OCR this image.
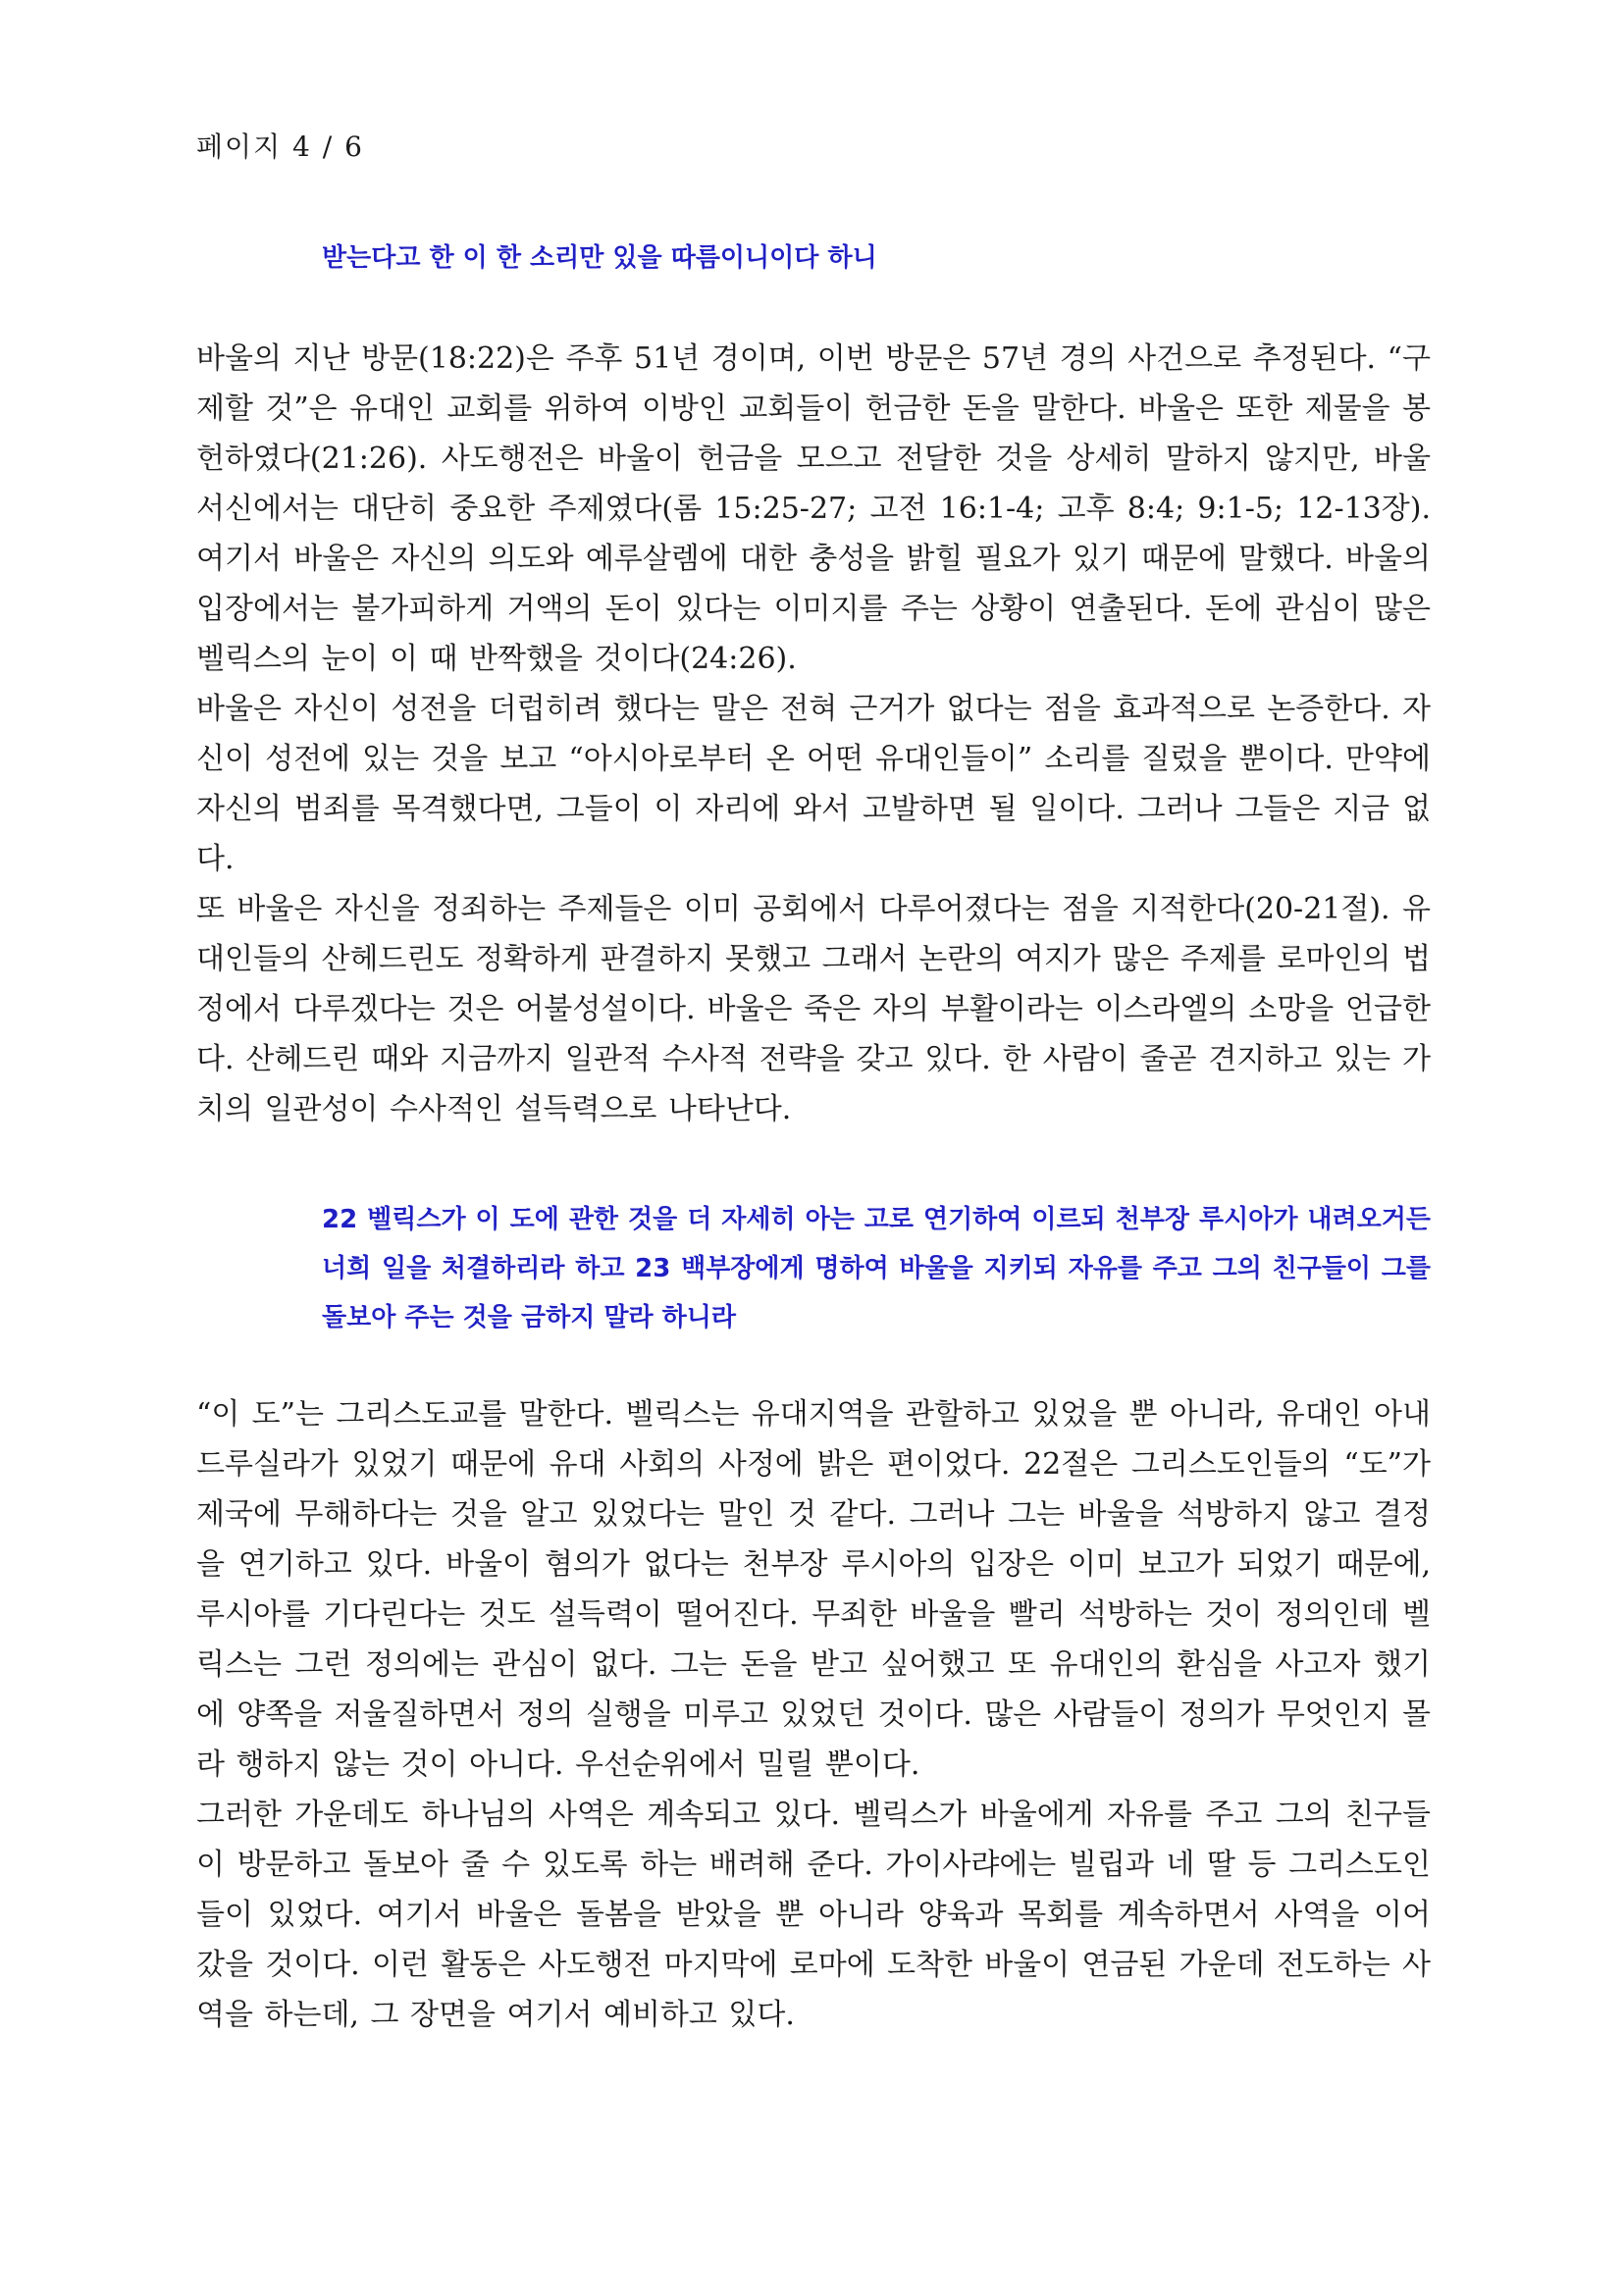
페이지 4 / 6

받는다고 한 이 한 소리만 있을 따름이니이다 하니

바울의 지난 방문(18:22)은 주후 51년 경이며, 이번 방문은 57년 경의 사건으로 추정된다. “구제할 것”은 유대인 교회를 위하여 이방인 교회들이 헌금한 돈을 말한다. 바울은 또한 제물을 봉헌하였다(21:26). 사도행전은 바울이 헌금을 모으고 전달한 것을 상세히 말하지 않지만, 바울서신에서는 대단히 중요한 주제였다(롬 15:25-27; 고전 16:1-4; 고후 8:4; 9:1-5; 12-13장). 여기서 바울은 자신의 의도와 예루살렘에 대한 충성을 밝힐 필요가 있기 때문에 말했다. 바울의 입장에서는 불가피하게 거액의 돈이 있다는 이미지를 주는 상황이 연출된다. 돈에 관심이 많은 벨릭스의 눈이 이 때 반짝했을 것이다(24:26).

바울은 자신이 성전을 더럽히려 했다는 말은 전혀 근거가 없다는 점을 효과적으로 논증한다. 자신이 성전에 있는 것을 보고 “아시아로부터 온 어떤 유대인들이” 소리를 질렀을 뿐이다. 만약에 자신의 범죄를 목격했다면, 그들이 이 자리에 와서 고발하면 될 일이다. 그러나 그들은 지금 없다.

또 바울은 자신을 정죄하는 주제들은 이미 공회에서 다루어졌다는 점을 지적한다(20-21절). 유대인들의 산헤드린도 정확하게 판결하지 못했고 그래서 논란의 여지가 많은 주제를 로마인의 법정에서 다루겠다는 것은 어불성설이다. 바울은 죽은 자의 부활이라는 이스라엘의 소망을 언급한다. 산헤드린 때와 지금까지 일관적 수사적 전략을 갖고 있다. 한 사람이 줄곧 견지하고 있는 가치의 일관성이 수사적인 설득력으로 나타난다.

22 벨릭스가 이 도에 관한 것을 더 자세히 아는 고로 연기하여 이르되 천부장 루시아가 내려오거든 너희 일을 처결하리라 하고 23 백부장에게 명하여 바울을 지키되 자유를 주고 그의 친구들이 그를 돌보아 주는 것을 금하지 말라 하니라

“이 도”는 그리스도교를 말한다. 벨릭스는 유대지역을 관할하고 있었을 뿐 아니라, 유대인 아내 드루실라가 있었기 때문에 유대 사회의 사정에 밝은 편이었다. 22절은 그리스도인들의 “도”가 제국에 무해하다는 것을 알고 있었다는 말인 것 같다. 그러나 그는 바울을 석방하지 않고 결정을 연기하고 있다. 바울이 혐의가 없다는 천부장 루시아의 입장은 이미 보고가 되었기 때문에, 루시아를 기다린다는 것도 설득력이 떨어진다. 무죄한 바울을 빨리 석방하는 것이 정의인데 벨릭스는 그런 정의에는 관심이 없다. 그는 돈을 받고 싶어했고 또 유대인의 환심을 사고자 했기에 양쪽을 저울질하면서 정의 실행을 미루고 있었던 것이다. 많은 사람들이 정의가 무엇인지 몰라 행하지 않는 것이 아니다. 우선순위에서 밀릴 뿐이다.

그러한 가운데도 하나님의 사역은 계속되고 있다. 벨릭스가 바울에게 자유를 주고 그의 친구들이 방문하고 돌보아 줄 수 있도록 하는 배려해 준다. 가이사랴에는 빌립과 네 딸 등 그리스도인들이 있었다. 여기서 바울은 돌봄을 받았을 뿐 아니라 양육과 목회를 계속하면서 사역을 이어 갔을 것이다. 이런 활동은 사도행전 마지막에 로마에 도착한 바울이 연금된 가운데 전도하는 사역을 하는데, 그 장면을 여기서 예비하고 있다.
